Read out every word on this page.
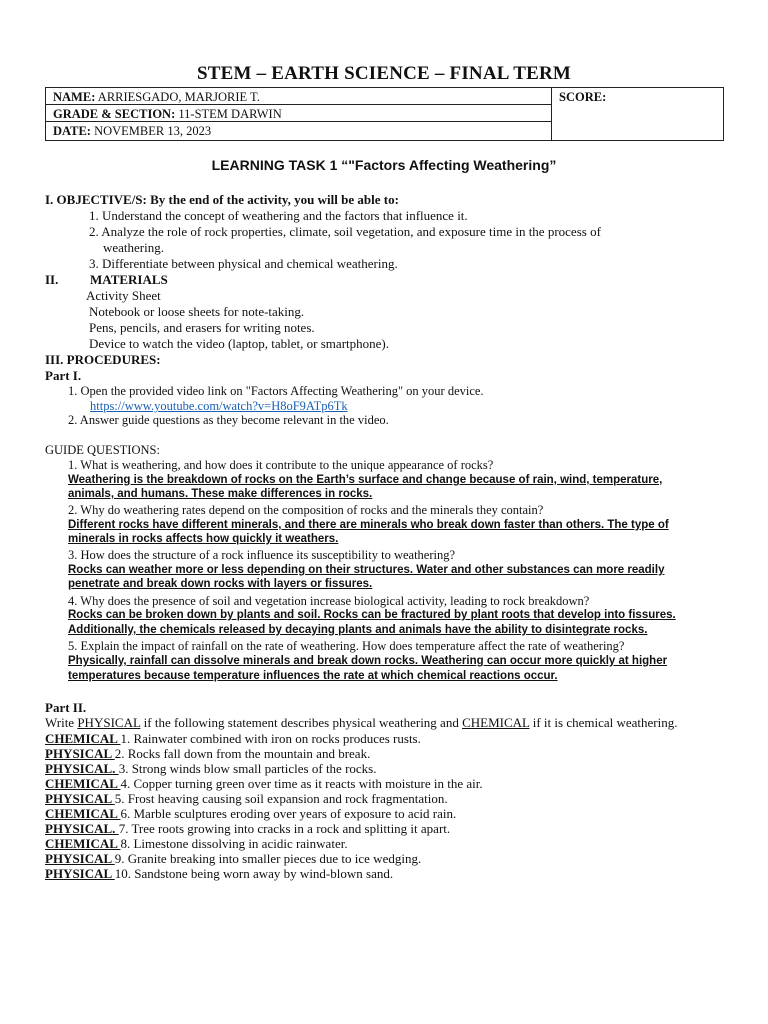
STEM – EARTH SCIENCE – FINAL TERM
NAME: ARRIESGADO, MARJORIE T.
GRADE & SECTION: 11-STEM DARWIN
DATE: NOVEMBER 13, 2023
SCORE:
LEARNING TASK 1 “"Factors Affecting Weathering”
I. OBJECTIVE/S: By the end of the activity, you will be able to:
1. Understand the concept of weathering and the factors that influence it.
2. Analyze the role of rock properties, climate, soil vegetation, and exposure time in the process of
weathering.
3. Differentiate between physical and chemical weathering.
II. MATERIALS
Activity Sheet
Notebook or loose sheets for note-taking.
Pens, pencils, and erasers for writing notes.
Device to watch the video (laptop, tablet, or smartphone).
III. PROCEDURES:
Part I.
1. Open the provided video link on "Factors Affecting Weathering" on your device.
https://www.youtube.com/watch?v=H8oF9ATp6Tk
2. Answer guide questions as they become relevant in the video.
GUIDE QUESTIONS:
1. What is weathering, and how does it contribute to the unique appearance of rocks?
Weathering is the breakdown of rocks on the Earth’s surface and change because of rain, wind, temperature,
animals, and humans. These make differences in rocks.
2. Why do weathering rates depend on the composition of rocks and the minerals they contain?
Different rocks have different minerals, and there are minerals who break down faster than others. The type of
minerals in rocks affects how quickly it weathers.
3. How does the structure of a rock influence its susceptibility to weathering?
Rocks can weather more or less depending on their structures. Water and other substances can more readily
penetrate and break down rocks with layers or fissures.
4. Why does the presence of soil and vegetation increase biological activity, leading to rock breakdown?
Rocks can be broken down by plants and soil. Rocks can be fractured by plant roots that develop into fissures.
Additionally, the chemicals released by decaying plants and animals have the ability to disintegrate rocks.
5. Explain the impact of rainfall on the rate of weathering. How does temperature affect the rate of weathering?
Physically, rainfall can dissolve minerals and break down rocks. Weathering can occur more quickly at higher
temperatures because temperature influences the rate at which chemical reactions occur.
Part II.
Write PHYSICAL if the following statement describes physical weathering and CHEMICAL if it is chemical weathering.
CHEMICAL 1. Rainwater combined with iron on rocks produces rusts.
PHYSICAL 2. Rocks fall down from the mountain and break.
PHYSICAL. 3. Strong winds blow small particles of the rocks.
CHEMICAL 4. Copper turning green over time as it reacts with moisture in the air.
PHYSICAL 5. Frost heaving causing soil expansion and rock fragmentation.
CHEMICAL 6. Marble sculptures eroding over years of exposure to acid rain.
PHYSICAL. 7. Tree roots growing into cracks in a rock and splitting it apart.
CHEMICAL 8. Limestone dissolving in acidic rainwater.
PHYSICAL 9. Granite breaking into smaller pieces due to ice wedging.
PHYSICAL 10. Sandstone being worn away by wind-blown sand.
